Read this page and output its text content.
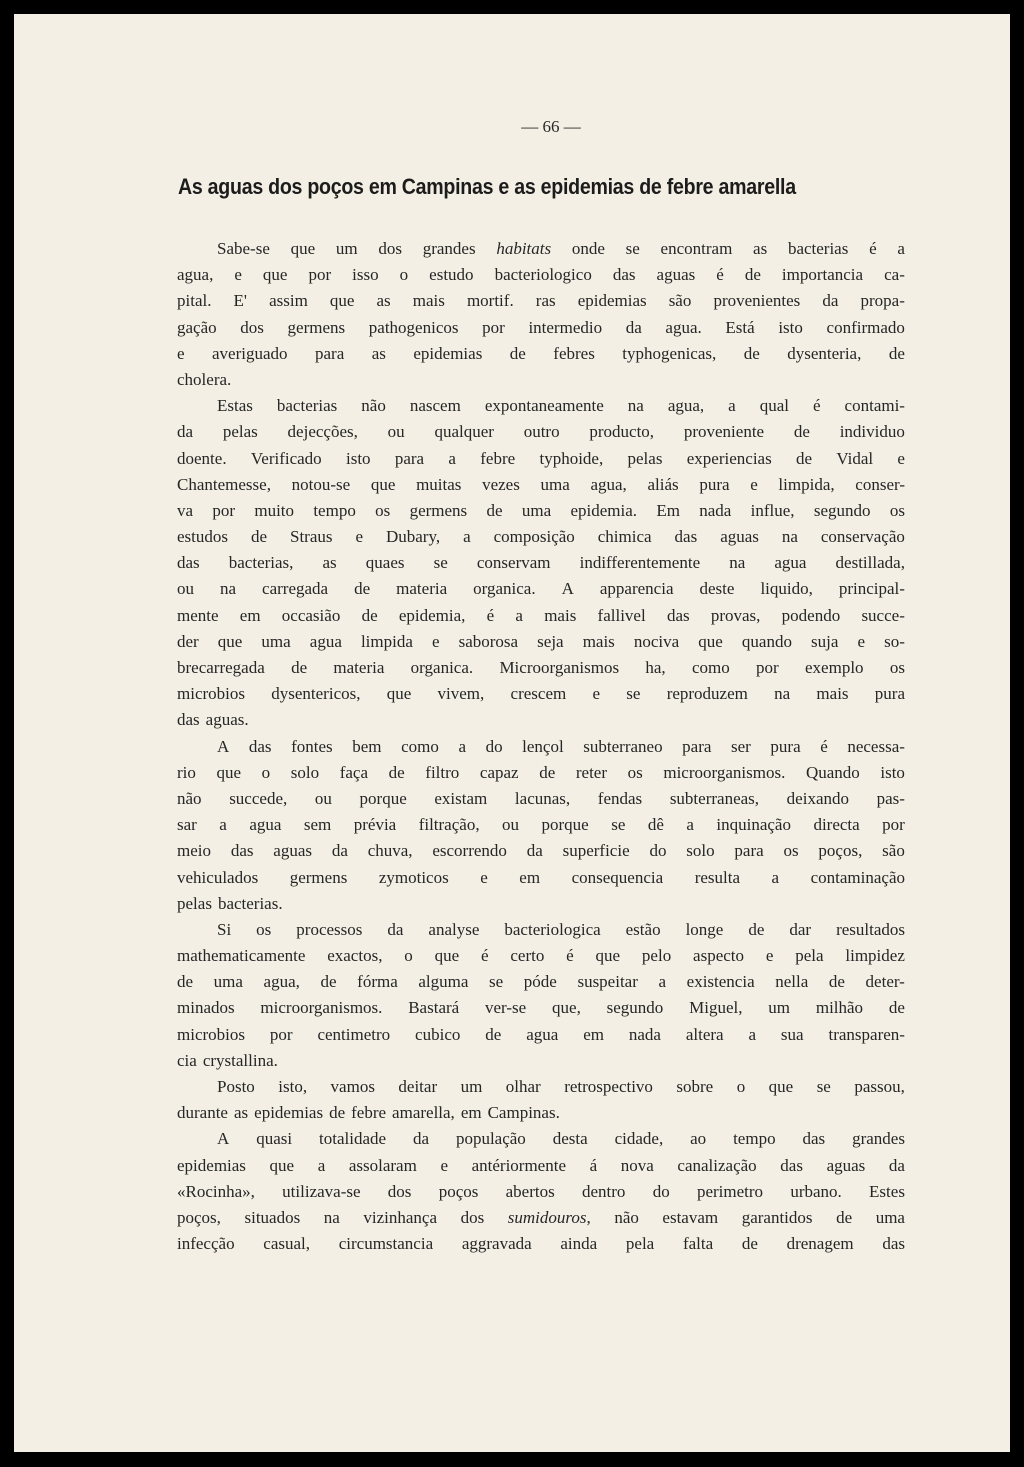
— 66 —
As aguas dos poços em Campinas e as epidemias de febre amarella
Sabe-se que um dos grandes habitats onde se encontram as bacterias é a
agua, e que por isso o estudo bacteriologico das aguas é de importancia ca-
pital. E' assim que as mais mortif. ras epidemias são provenientes da propa-
gação dos germens pathogenicos por intermedio da agua. Está isto confirmado
e averiguado para as epidemias de febres typhogenicas, de dysenteria, de
cholera.
Estas bacterias não nascem expontaneamente na agua, a qual é contami-
da pelas dejecções, ou qualquer outro producto, proveniente de individuo
doente. Verificado isto para a febre typhoide, pelas experiencias de Vidal e
Chantemesse, notou-se que muitas vezes uma agua, aliás pura e limpida, conser-
va por muito tempo os germens de uma epidemia. Em nada influe, segundo os
estudos de Straus e Dubary, a composição chimica das aguas na conservação
das bacterias, as quaes se conservam indifferentemente na agua destillada,
ou na carregada de materia organica. A apparencia deste liquido, principal-
mente em occasião de epidemia, é a mais fallivel das provas, podendo succe-
der que uma agua limpida e saborosa seja mais nociva que quando suja e so-
brecarregada de materia organica. Microorganismos ha, como por exemplo os
microbios dysentericos, que vivem, crescem e se reproduzem na mais pura
das aguas.
A das fontes bem como a do lençol subterraneo para ser pura é necessa-
rio que o solo faça de filtro capaz de reter os microorganismos. Quando isto
não succede, ou porque existam lacunas, fendas subterraneas, deixando pas-
sar a agua sem prévia filtração, ou porque se dê a inquinação directa por
meio das aguas da chuva, escorrendo da superficie do solo para os poços, são
vehiculados germens zymoticos e em consequencia resulta a contaminação
pelas bacterias.
Si os processos da analyse bacteriologica estão longe de dar resultados
mathematicamente exactos, o que é certo é que pelo aspecto e pela limpidez
de uma agua, de fórma alguma se póde suspeitar a existencia nella de deter-
minados microorganismos. Bastará ver-se que, segundo Miguel, um milhão de
microbios por centimetro cubico de agua em nada altera a sua transparen-
cia crystallina.
Posto isto, vamos deitar um olhar retrospectivo sobre o que se passou,
durante as epidemias de febre amarella, em Campinas.
A quasi totalidade da população desta cidade, ao tempo das grandes
epidemias que a assolaram e antériormente á nova canalização das aguas da
«Rocinha», utilizava-se dos poços abertos dentro do perimetro urbano. Estes
poços, situados na vizinhança dos sumidouros, não estavam garantidos de uma
infecção casual, circumstancia aggravada ainda pela falta de drenagem das
